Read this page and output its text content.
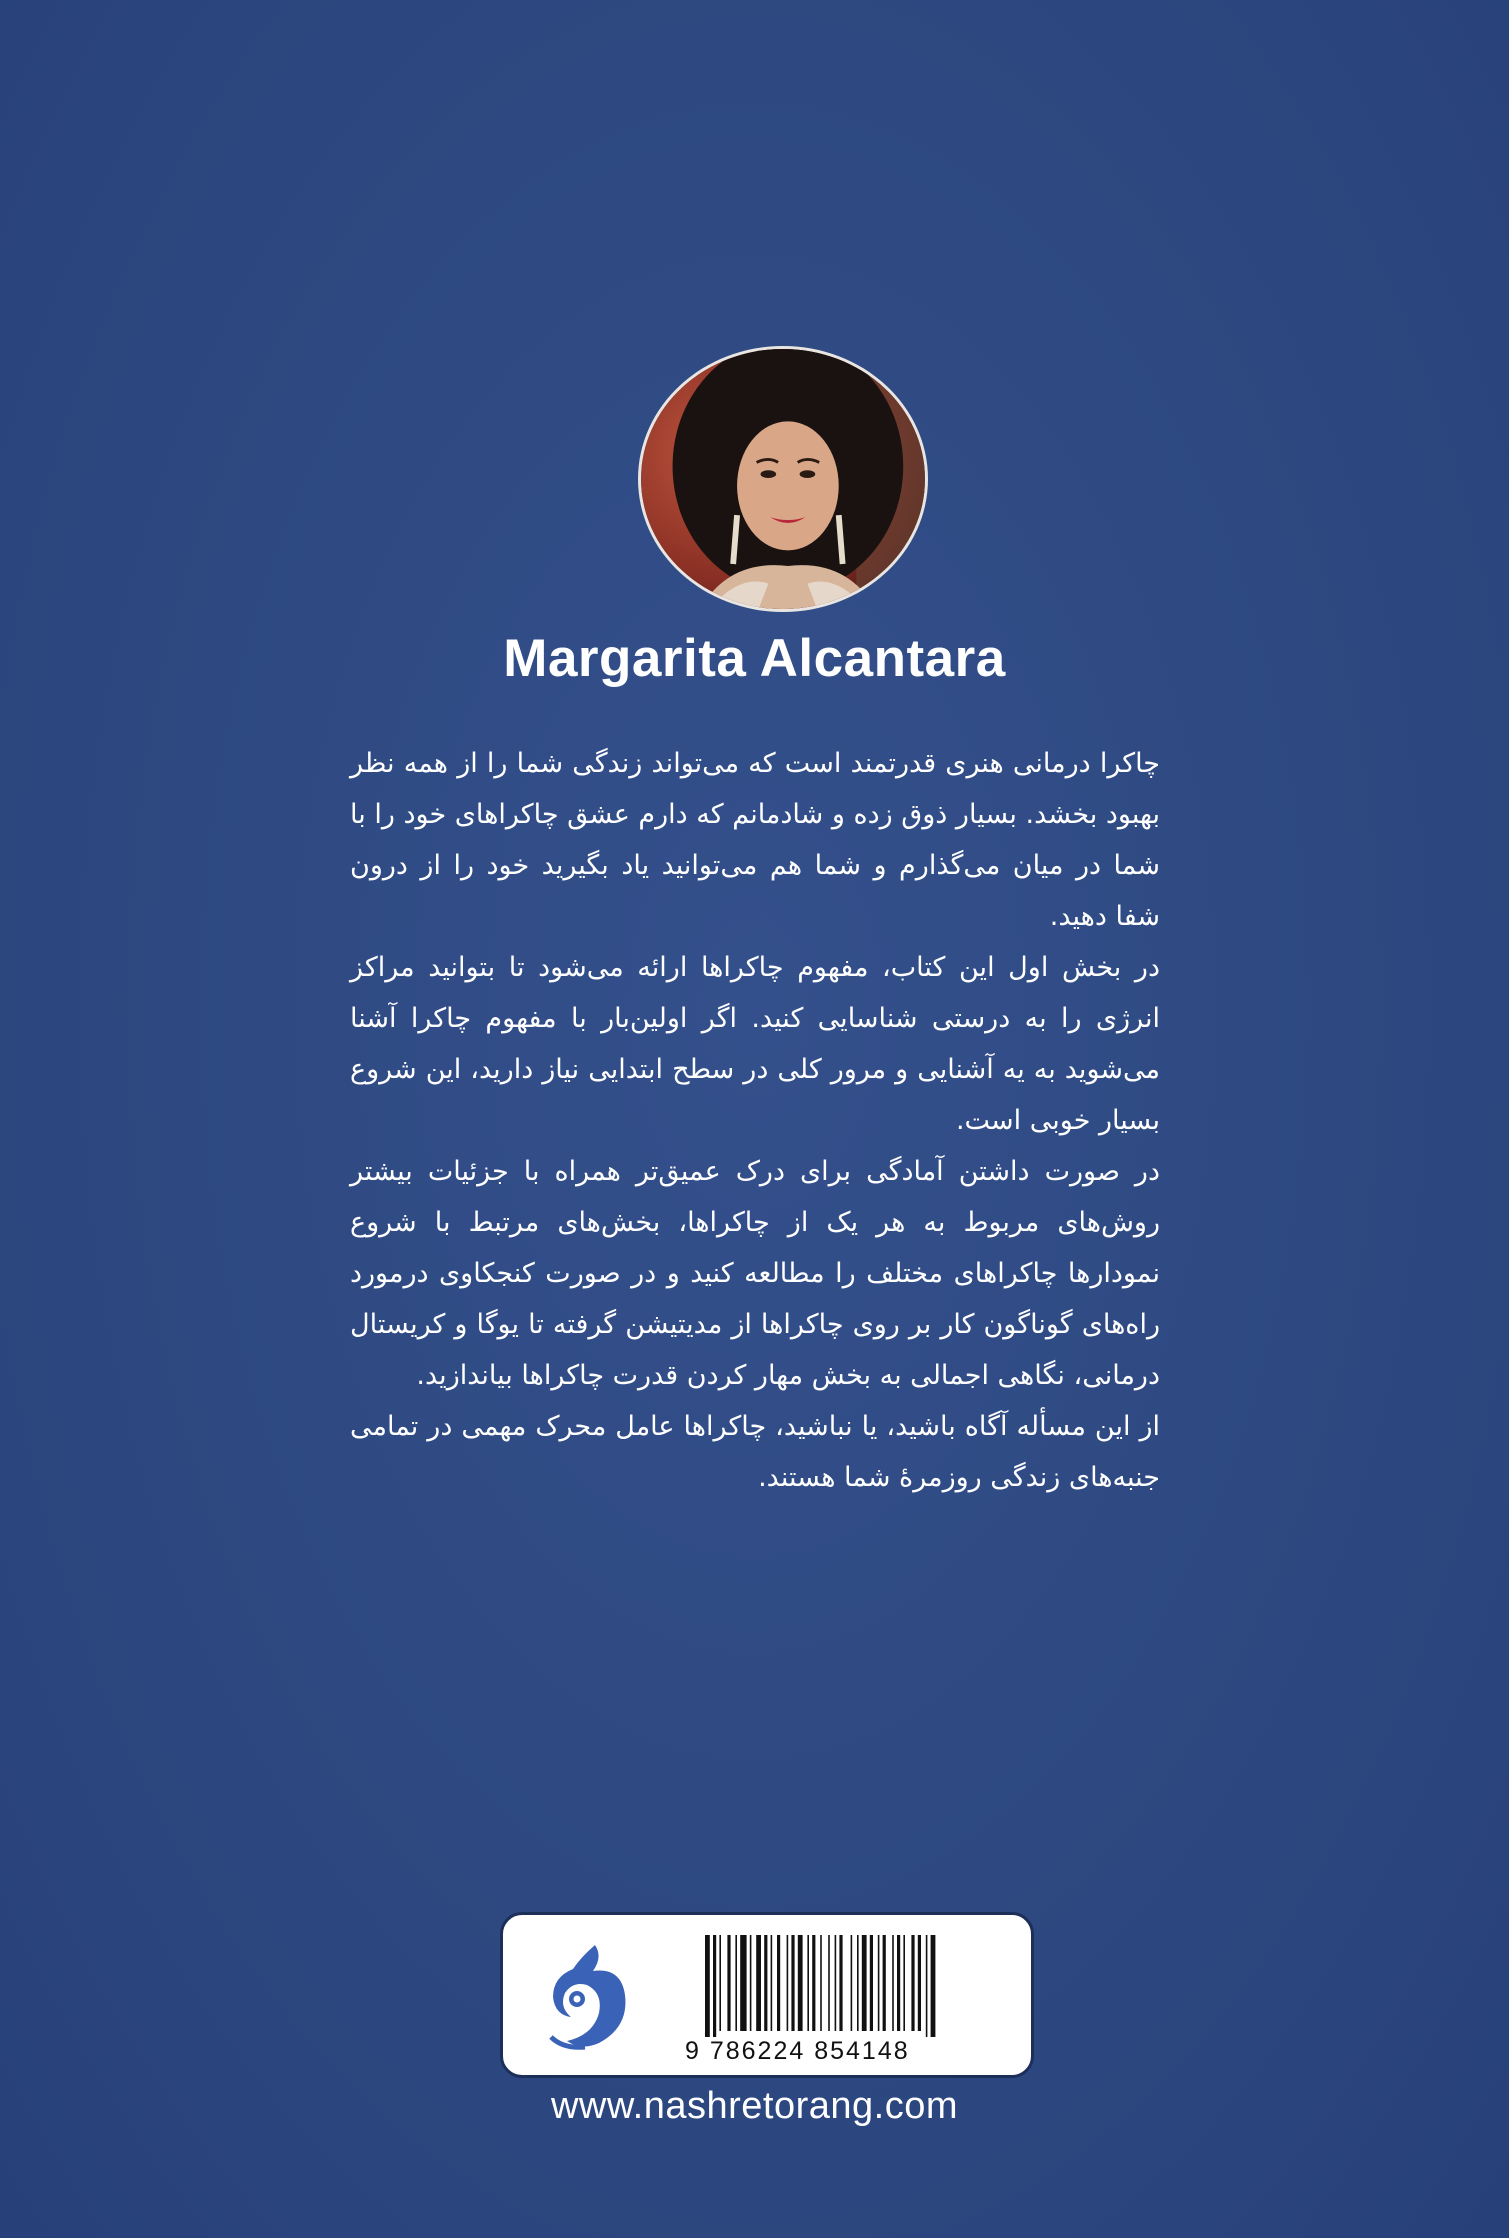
Margarita Alcantara

چاکرا درمانی هنری قدرتمند است که می‌تواند زندگی شما را از همه نظر بهبود بخشد. بسیار ذوق زده و شادمانم که دارم عشق چاکراهای خود را با شما در میان می‌گذارم و شما هم می‌توانید یاد بگیرید خود را از درون شفا دهید.

در بخش اول این کتاب، مفهوم چاکراها ارائه می‌شود تا بتوانید مراکز انرژی را به درستی شناسایی کنید. اگر اولین‌بار با مفهوم چاکرا آشنا می‌شوید به یه آشنایی و مرور کلی در سطح ابتدایی نیاز دارید، این شروع بسیار خوبی است.

در صورت داشتن آمادگی برای درک عمیق‌تر همراه با جزئیات بیشتر روش‌های مربوط به هر یک از چاکراها، بخش‌های مرتبط با شروع نمودارها چاکراهای مختلف را مطالعه کنید و در صورت کنجکاوی درمورد راه‌های گوناگون کار بر روی چاکراها از مدیتیشن گرفته تا یوگا و کریستال درمانی، نگاهی اجمالی به بخش مهار کردن قدرت چاکراها بیاندازید.

از این مسأله آگاه باشید، یا نباشید، چاکراها عامل محرک مهمی در تمامی جنبه‌های زندگی روزمرهٔ شما هستند.

9 786224 854148
www.nashretorang.com
